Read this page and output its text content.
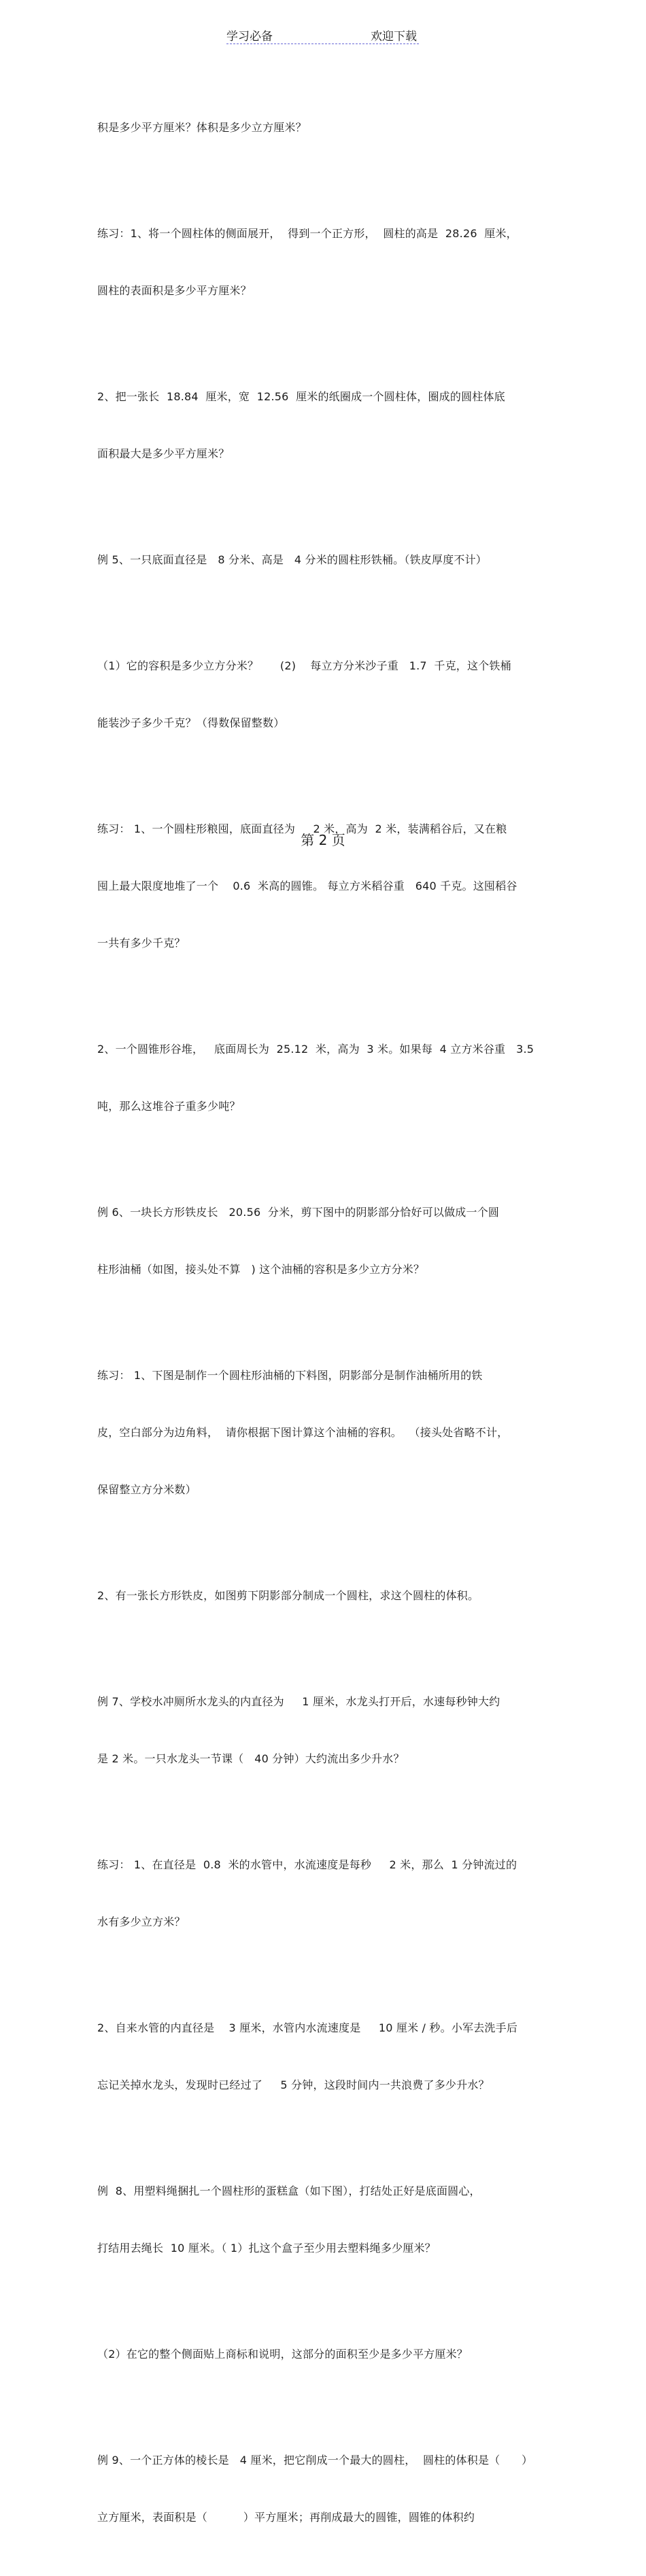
学习必备	欢迎下载

积是多少平方厘米？体积是多少立方厘米？

练习：1、将一个圆柱体的侧面展开，  得到一个正方形，  圆柱的高是  28.26  厘米，

圆柱的表面积是多少平方厘米？

2、把一张长  18.84  厘米，宽  12.56  厘米的纸圈成一个圆柱体，圈成的圆柱体底

面积最大是多少平方厘米？

例 5、一只底面直径是   8 分米、高是   4 分米的圆柱形铁桶。（铁皮厚度不计）

（1）它的容积是多少立方分米？      (2)    每立方分米沙子重   1.7  千克，这个铁桶

能装沙子多少千克？（得数保留整数）

练习： 1、一个圆柱形粮囤，底面直径为     2 米，高为  2 米，装满稻谷后，又在粮

囤上最大限度地堆了一个    0.6  米高的圆锥。 每立方米稻谷重   640 千克。这囤稻谷

一共有多少千克？

2、一个圆锥形谷堆，   底面周长为  25.12  米，高为  3 米。如果每  4 立方米谷重   3.5

吨，那么这堆谷子重多少吨？

例 6、一块长方形铁皮长   20.56  分米，剪下图中的阴影部分恰好可以做成一个圆

柱形油桶（如图，接头处不算   ) 这个油桶的容积是多少立方分米？

练习： 1、下图是制作一个圆柱形油桶的下料图，阴影部分是制作油桶所用的铁

皮，空白部分为边角料，  请你根据下图计算这个油桶的容积。  （接头处省略不计，

保留整立方分米数）

2、有一张长方形铁皮，如图剪下阴影部分制成一个圆柱，求这个圆柱的体积。

例 7、学校水冲厕所水龙头的内直径为     1 厘米，水龙头打开后，水速每秒钟大约

是 2 米。一只水龙头一节课（   40 分钟）大约流出多少升水？

练习： 1、在直径是  0.8  米的水管中，水流速度是每秒     2 米，那么  1 分钟流过的

水有多少立方米？

2、自来水管的内直径是    3 厘米，水管内水流速度是     10 厘米 / 秒。小军去洗手后

忘记关掉水龙头，发现时已经过了     5 分钟，这段时间内一共浪费了多少升水？

例  8、用塑料绳捆扎一个圆柱形的蛋糕盒（如下图），打结处正好是底面圆心，

打结用去绳长  10 厘米。（ 1）扎这个盒子至少用去塑料绳多少厘米？

（2）在它的整个侧面贴上商标和说明，这部分的面积至少是多少平方厘米？

例 9、一个正方体的棱长是   4 厘米，把它削成一个最大的圆柱，  圆柱的体积是（      ）

立方厘米，表面积是（          ）平方厘米；再削成最大的圆锥，圆锥的体积约

第 2 页
